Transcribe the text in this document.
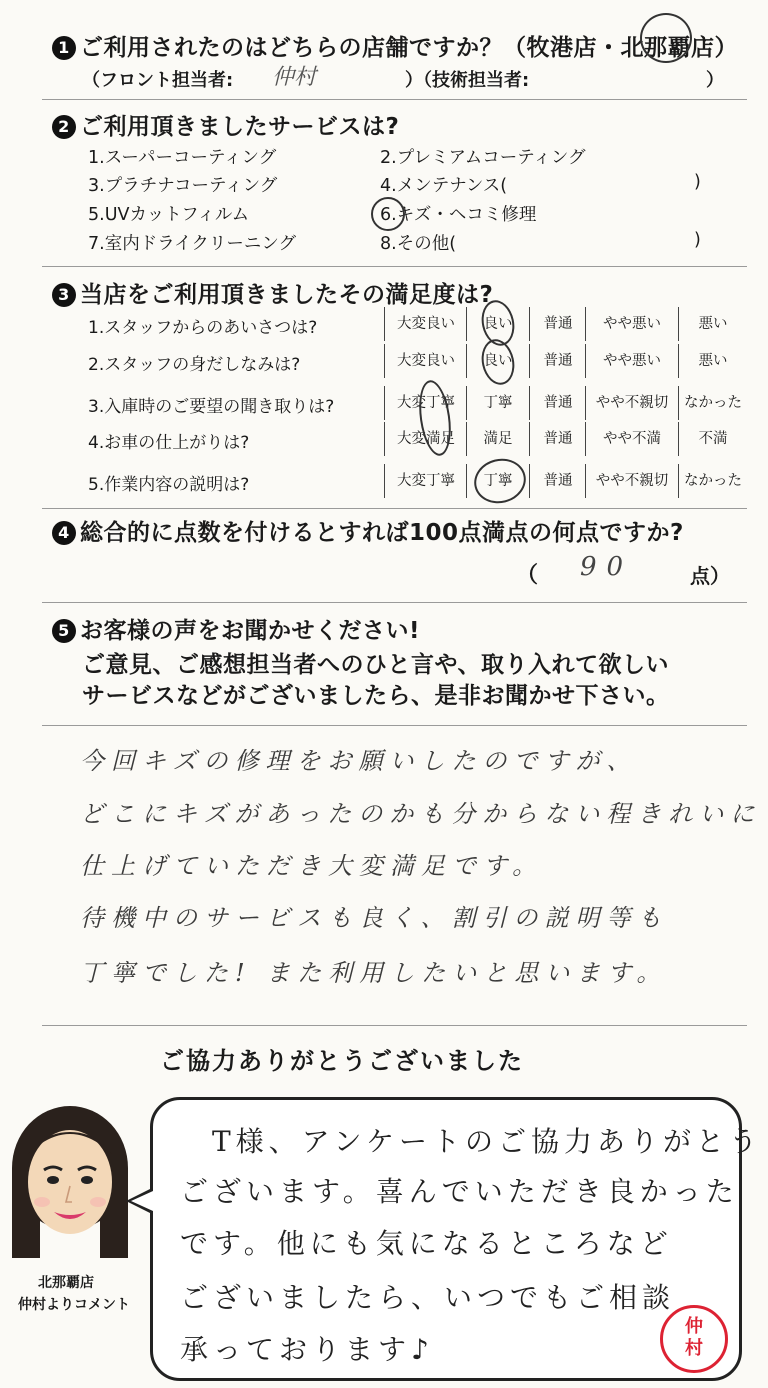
1 ご利用されたのはどちらの店舗ですか？（牧港店・北那覇店）
（フロント担当者: 仲村	）（技術担当者:	）
2 ご利用頂きましたサービスは?
1.スーパーコーティング	2.プレミアムコーティング
3.プラチナコーティング	4.メンテナンス(	)
5.UVカットフィルム	6.キズ・ヘコミ修理
7.室内ドライクリーニング	8.その他(	)
3 当店をご利用頂きましたその満足度は?
1.スタッフからのあいさつは?	大変良い	良い	普通	やや悪い	悪い
2.スタッフの身だしなみは?	大変良い	良い	普通	やや悪い	悪い
3.入庫時のご要望の聞き取りは?	大変丁寧	丁寧	普通	やや不親切	なかった
4.お車の仕上がりは?	大変満足	満足	普通	やや不満	不満
5.作業内容の説明は?	大変丁寧	丁寧	普通	やや不親切	なかった
4 総合的に点数を付けるとすれば100点満点の何点ですか?
（ 90	点）
5 お客様の声をお聞かせください!
ご意見、ご感想担当者へのひと言や、取り入れて欲しい
サービスなどがございましたら、是非お聞かせ下さい。
今回キズの修理をお願いしたのですが、
どこにキズがあったのかも分からない程きれいに
仕上げていただき大変満足です。
待機中のサービスも良く、割引の説明等も
丁寧でした! また利用したいと思います。
ご協力ありがとうございました
北那覇店
仲村よりコメント
T様、アンケートのご協力ありがとう
ございます。喜んでいただき良かった
です。他にも気になるところなど
ございましたら、いつでもご相談
承っております♪
仲
村
